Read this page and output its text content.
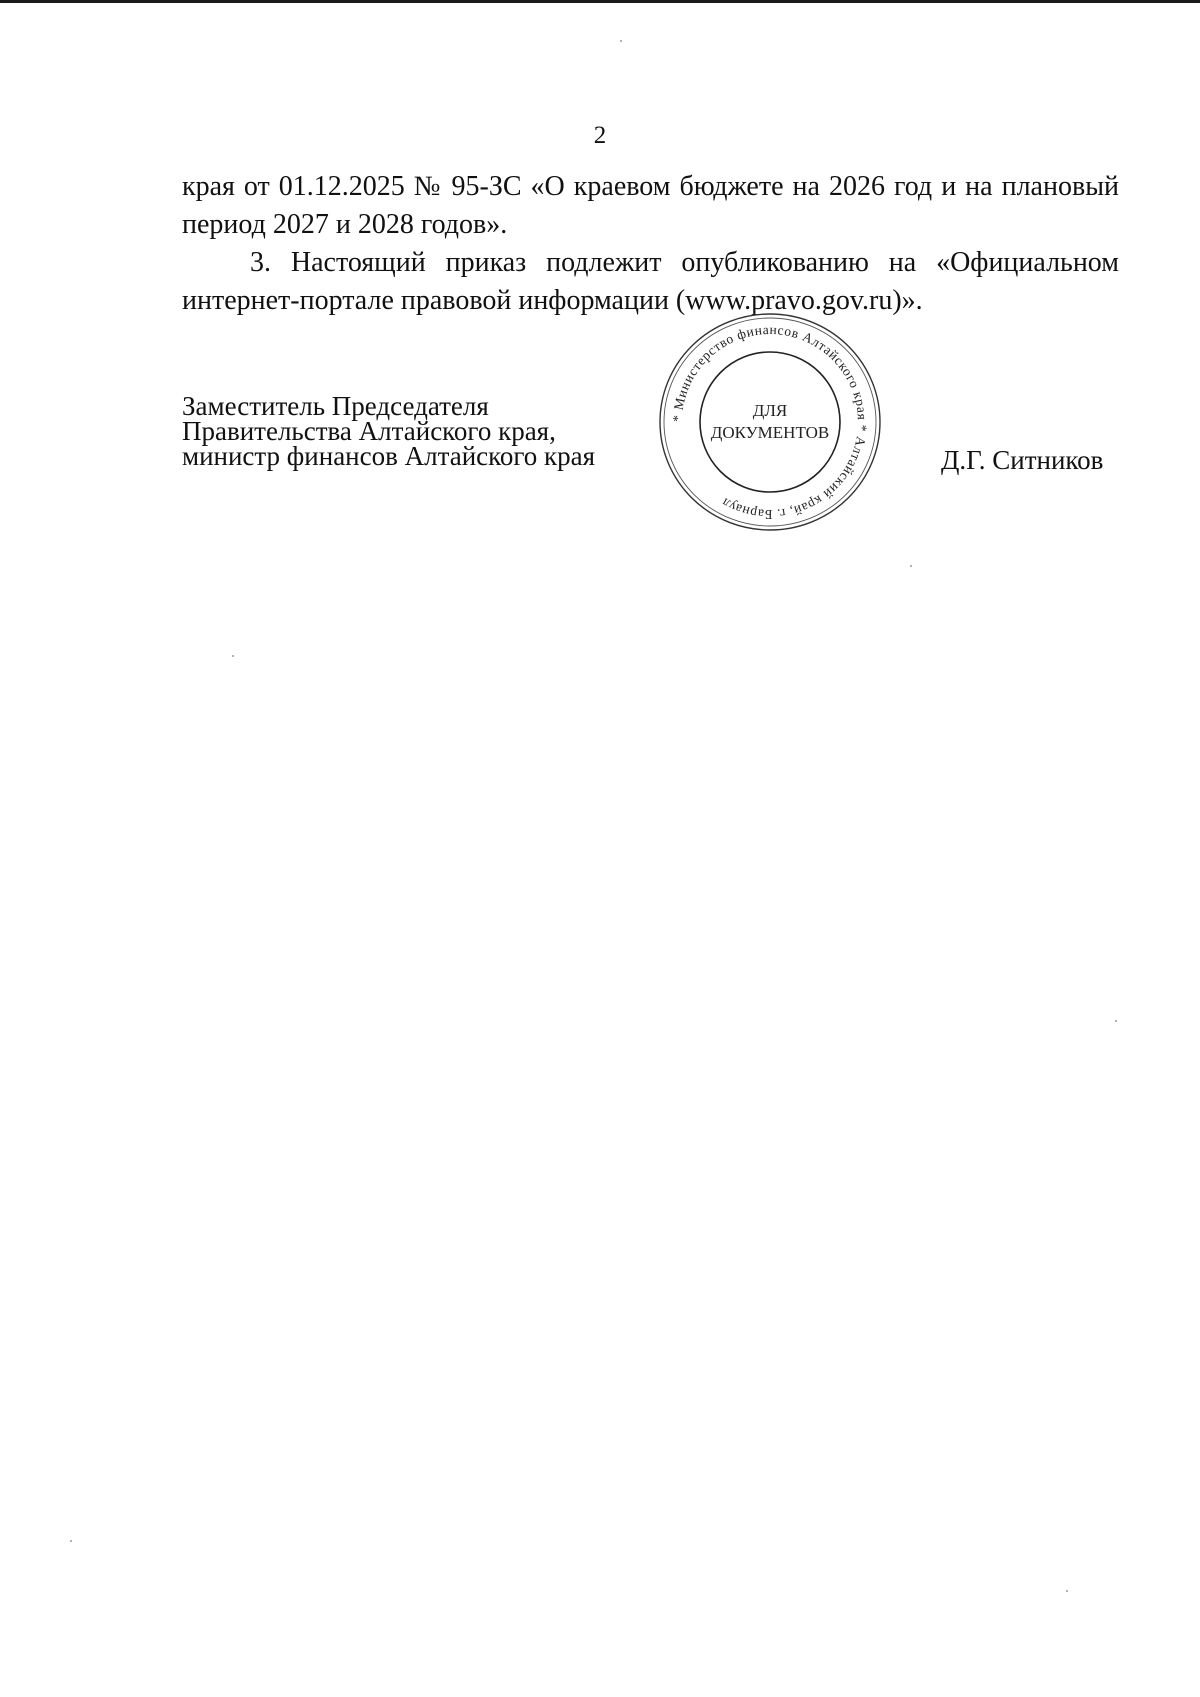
2

края от 01.12.2025 № 95-ЗС «О краевом бюджете на 2026 год и на плановый

период 2027 и 2028 годов».

3. Настоящий приказ подлежит опубликованию на «Официальном интернет-портале правовой информации (www.pravo.gov.ru)».

Заместитель Председателя
Правительства Алтайского края,
министр финансов Алтайского края
* Министерство финансов Алтайского края * Алтайский край, г. Барнаул
ДЛЯ
ДОКУМЕНТОВ
Д.Г. Ситников
